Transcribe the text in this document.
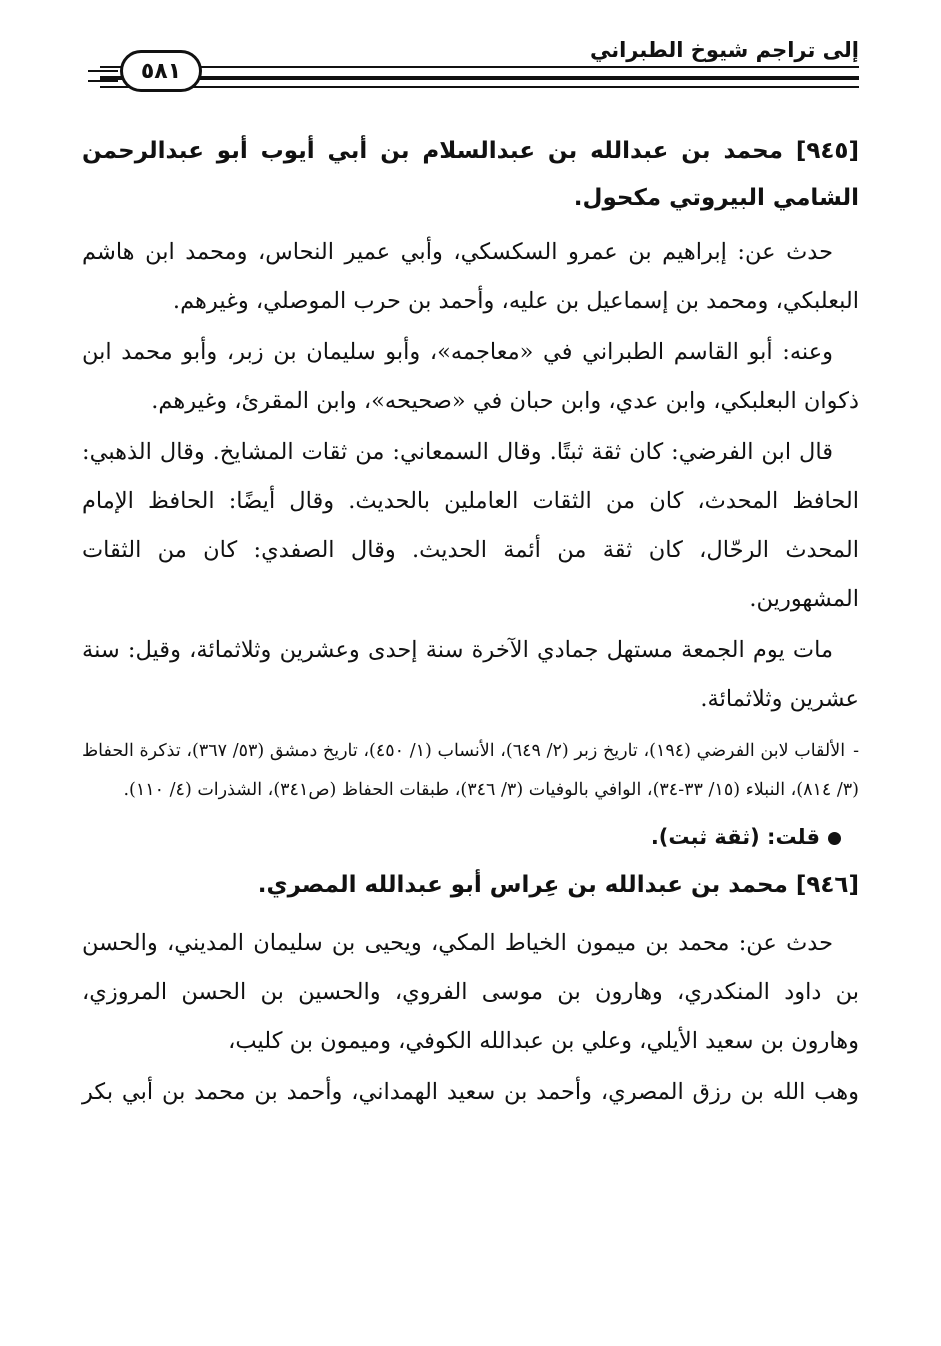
إلى تراجم شيوخ الطبراني
٥٨١

[٩٤٥] محمد بن عبدالله بن عبدالسلام بن أبي أيوب أبو عبدالرحمن الشامي البيروتي مكحول.

حدث عن: إبراهيم بن عمرو السكسكي، وأبي عمير النحاس، ومحمد ابن هاشم البعلبكي، ومحمد بن إسماعيل بن عليه، وأحمد بن حرب الموصلي، وغيرهم.

وعنه: أبو القاسم الطبراني في «معاجمه»، وأبو سليمان بن زبر، وأبو محمد ابن ذكوان البعلبكي، وابن عدي، وابن حبان في «صحيحه»، وابن المقرئ، وغيرهم.

قال ابن الفرضي: كان ثقة ثبتًا. وقال السمعاني: من ثقات المشايخ. وقال الذهبي: الحافظ المحدث، كان من الثقات العاملين بالحديث. وقال أيضًا: الحافظ الإمام المحدث الرحّال، كان ثقة من أئمة الحديث. وقال الصفدي: كان من الثقات المشهورين.

مات يوم الجمعة مستهل جمادي الآخرة سنة إحدى وعشرين وثلاثمائة، وقيل: سنة عشرين وثلاثمائة.

-الألقاب لابن الفرضي (١٩٤)، تاريخ زبر (٢/ ٦٤٩)، الأنساب (١/ ٤٥٠)، تاريخ دمشق (٥٣/ ٣٦٧)، تذكرة الحفاظ (٣/ ٨١٤)، النبلاء (١٥/ ٣٣-٣٤)، الوافي بالوفيات (٣/ ٣٤٦)، طبقات الحفاظ (ص٣٤١)، الشذرات (٤/ ١١٠).

قلت: (ثقة ثبت).

[٩٤٦] محمد بن عبدالله بن عِراس أبو عبدالله المصري.

حدث عن: محمد بن ميمون الخياط المكي، ويحيى بن سليمان المديني، والحسن بن داود المنكدري، وهارون بن موسى الفروي، والحسين بن الحسن المروزي، وهارون بن سعيد الأيلي، وعلي بن عبدالله الكوفي، وميمون بن كليب،

وهب الله بن رزق المصري، وأحمد بن سعيد الهمداني، وأحمد بن محمد بن أبي بكر
